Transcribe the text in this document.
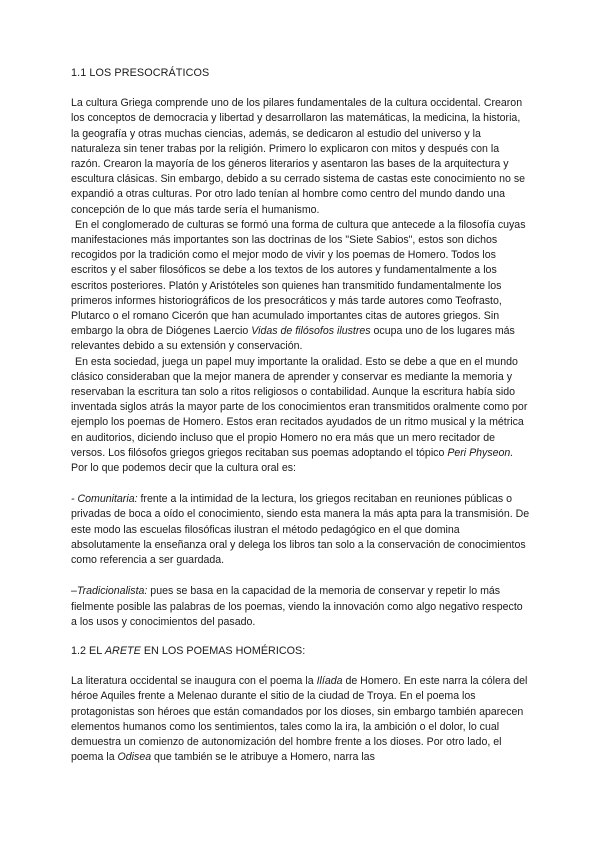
1.1 LOS PRESOCRÁTICOS

La cultura Griega comprende uno de los pilares fundamentales de la cultura occidental. Crearon los conceptos de democracia y libertad y desarrollaron las matemáticas, la medicina, la historia, la geografía y otras muchas ciencias, además, se dedicaron al estudio del universo y la naturaleza sin tener trabas por la religión. Primero lo explicaron con mitos y después con la razón. Crearon la mayoría de los géneros literarios y asentaron las bases de la arquitectura y escultura clásicas. Sin embargo, debido a su cerrado sistema de castas este conocimiento no se expandió a otras culturas. Por otro lado tenían al hombre como centro del mundo dando una concepción de lo que más tarde sería el humanismo.

En el conglomerado de culturas se formó una forma de cultura que antecede a la filosofía cuyas manifestaciones más importantes son las doctrinas de los "Siete Sabios", estos son dichos recogidos por la tradición como el mejor modo de vivir y los poemas de Homero. Todos los escritos y el saber filosóficos se debe a los textos de los autores y fundamentalmente a los escritos posteriores. Platón y Aristóteles son quienes han transmitido fundamentalmente los primeros informes historiográficos de los presocráticos y más tarde autores como Teofrasto, Plutarco o el romano Cicerón que han acumulado importantes citas de autores griegos. Sin embargo la obra de Diógenes Laercio Vidas de filósofos ilustres ocupa uno de los lugares más relevantes debido a su extensión y conservación.

En esta sociedad, juega un papel muy importante la oralidad. Esto se debe a que en el mundo clásico consideraban que la mejor manera de aprender y conservar es mediante la memoria y reservaban la escritura tan solo a ritos religiosos o contabilidad. Aunque la escritura había sido inventada siglos atrás la mayor parte de los conocimientos eran transmitidos oralmente como por ejemplo los poemas de Homero. Estos eran recitados ayudados de un ritmo musical y la métrica en auditorios, diciendo incluso que el propio Homero no era más que un mero recitador de versos. Los filósofos griegos griegos recitaban sus poemas adoptando el tópico Peri Physeon. Por lo que podemos decir que la cultura oral es:

- Comunitaria: frente a la intimidad de la lectura, los griegos recitaban en reuniones públicas o privadas de boca a oído el conocimiento, siendo esta manera la más apta para la transmisión. De este modo las escuelas filosóficas ilustran el método pedagógico en el que domina absolutamente la enseñanza oral y delega los libros tan solo a la conservación de conocimientos como referencia a ser guardada.

–Tradicionalista: pues se basa en la capacidad de la memoria de conservar y repetir lo más fielmente posible las palabras de los poemas, viendo la innovación como algo negativo respecto a los usos y conocimientos del pasado.

1.2 EL ARETE EN LOS POEMAS HOMÉRICOS:

La literatura occidental se inaugura con el poema la Ilíada de Homero. En este narra la cólera del héroe Aquiles frente a Melenao durante el sitio de la ciudad de Troya. En el poema los protagonistas son héroes que están comandados por los dioses, sin embargo también aparecen elementos humanos como los sentimientos, tales como la ira, la ambición o el dolor, lo cual demuestra un comienzo de autonomización del hombre frente a los dioses. Por otro lado, el poema la Odisea que también se le atribuye a Homero, narra las
